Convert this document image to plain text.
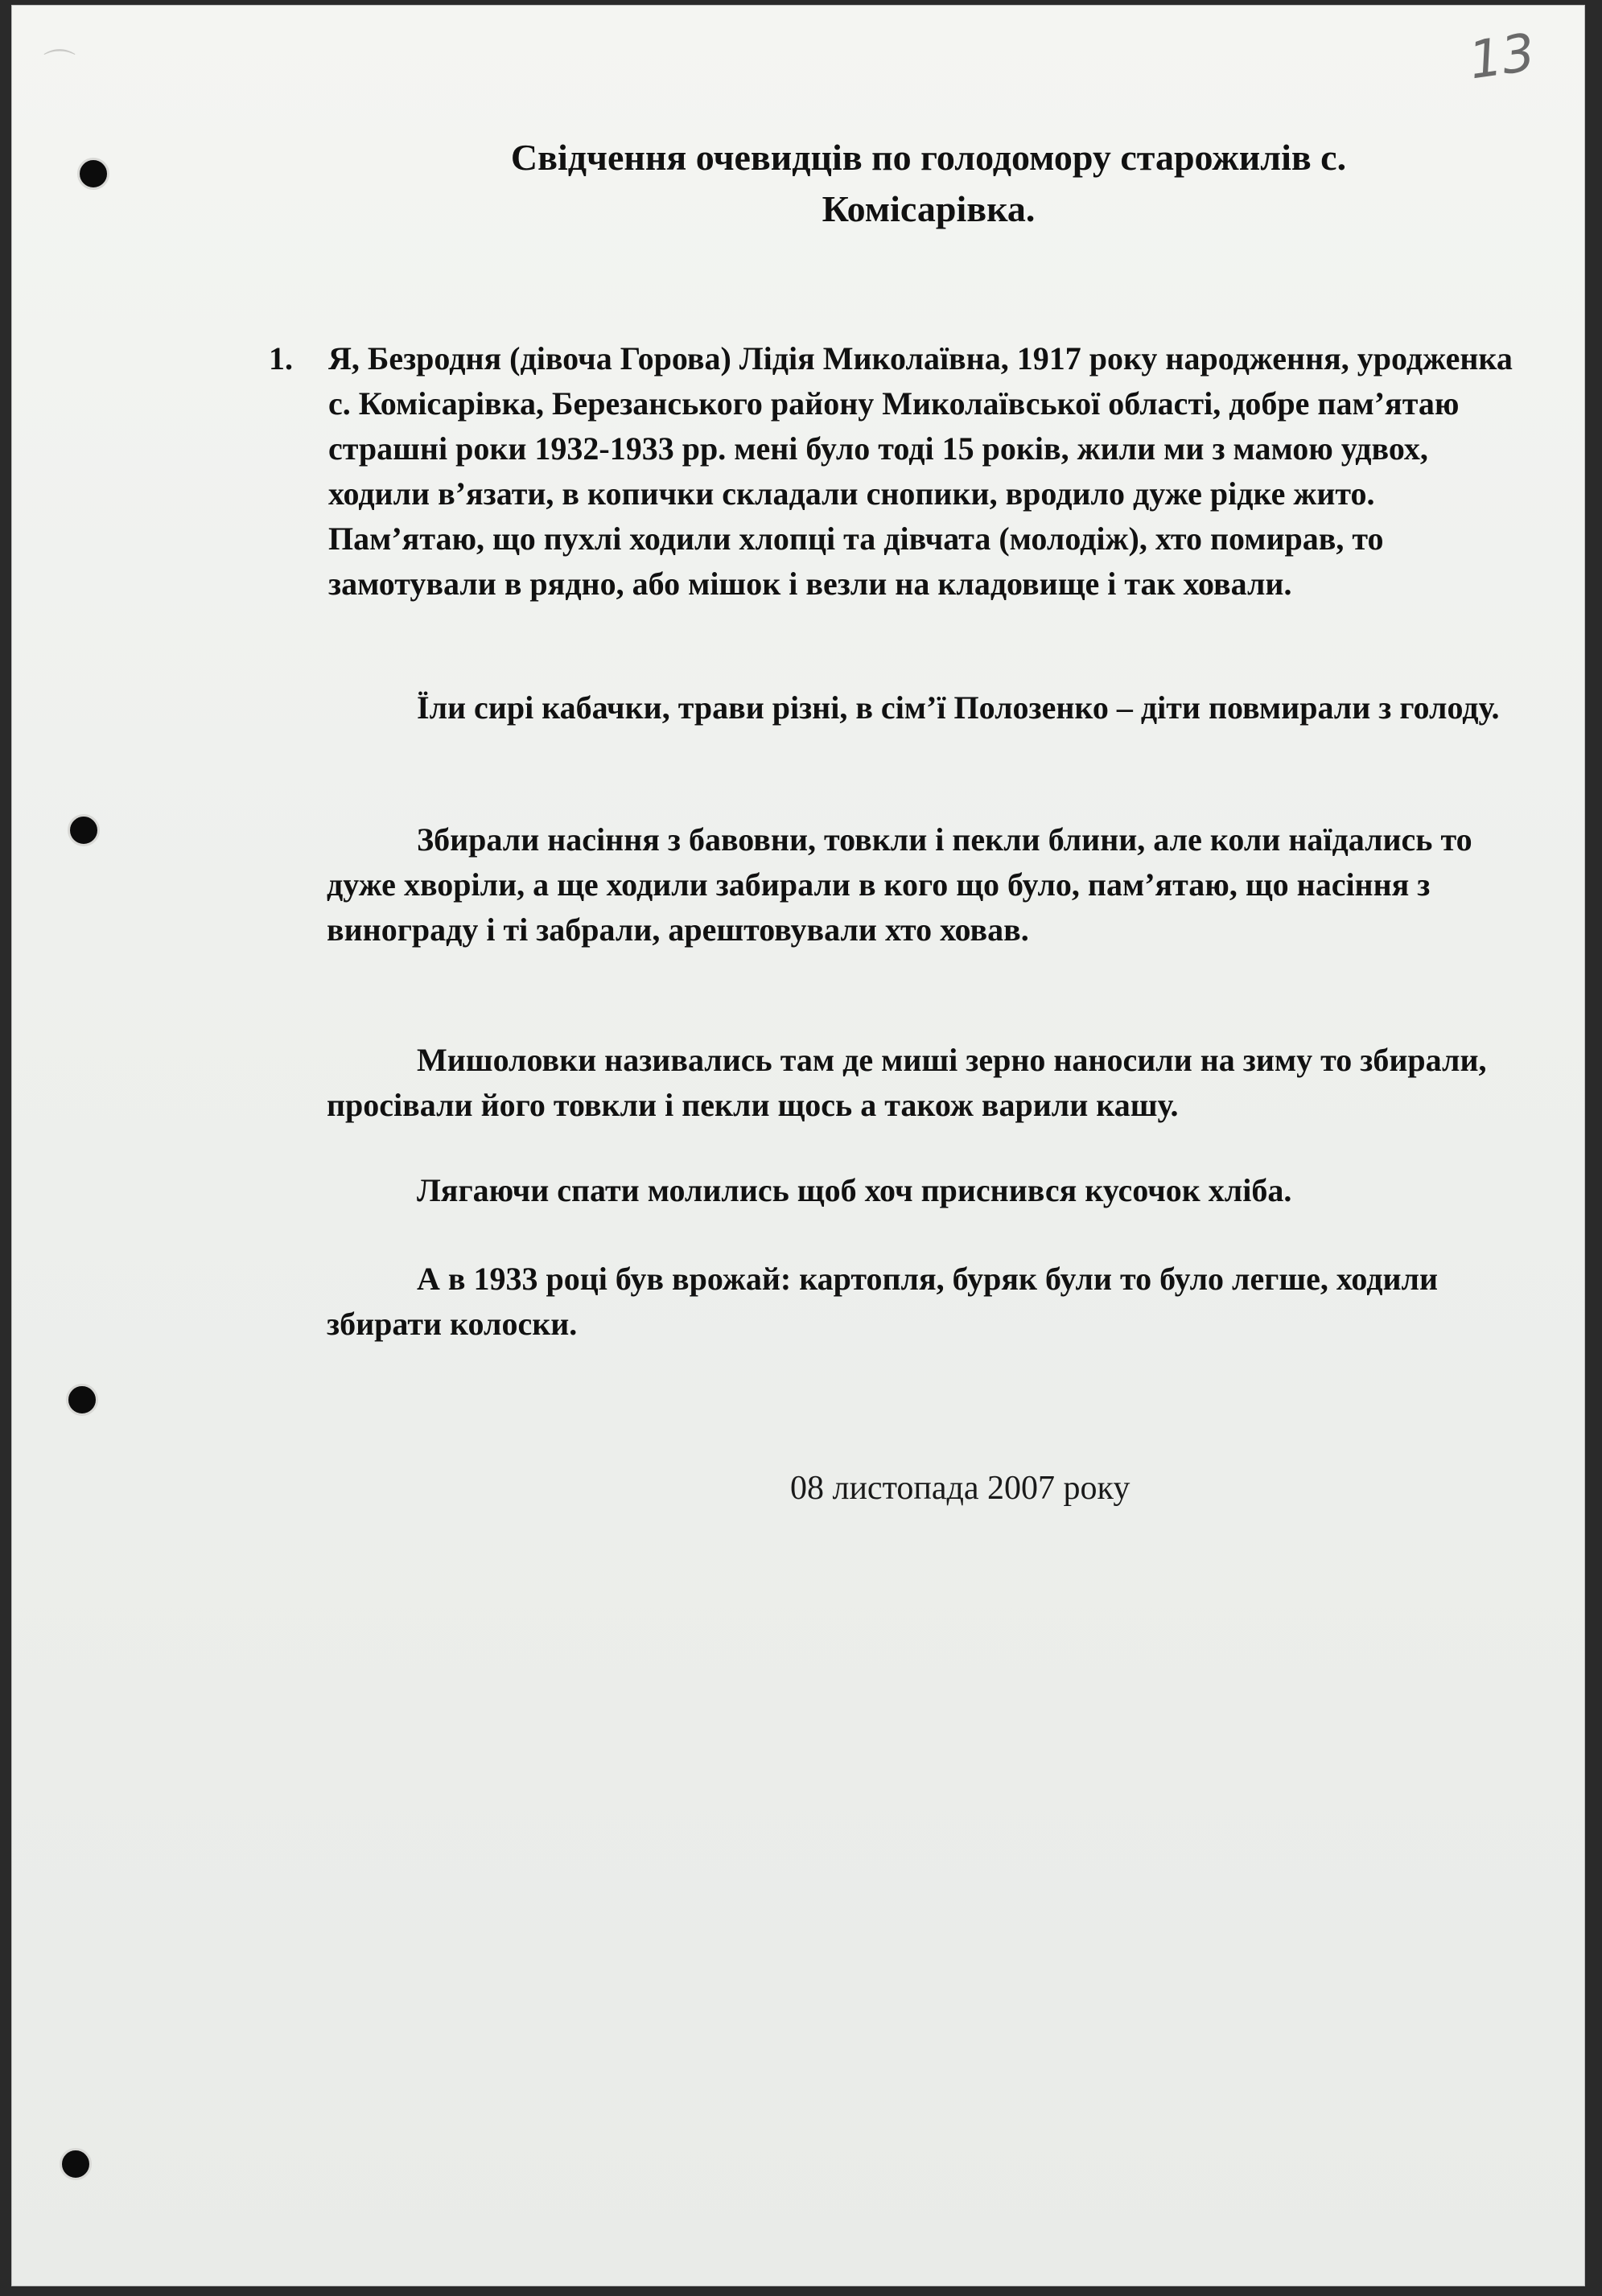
⌒	13
Свідчення очевидців по голодомору старожилів с.
Комісарівка.
1. Я, Безродня (дівоча Горова) Лідія Миколаївна, 1917 року народження, уродженка с. Комісарівка, Березанського району Миколаївської області, добре пам’ятаю страшні роки 1932-1933 рр. мені було тоді 15 років, жили ми з мамою удвох, ходили в’язати, в копички складали снопики, вродило дуже рідке жито. Пам’ятаю, що пухлі ходили хлопці та дівчата (молодіж), хто помирав, то замотували в рядно, або мішок і везли на кладовище і так ховали.
Їли сирі кабачки, трави різні, в сім’ї Полозенко – діти повмирали з голоду.
Збирали насіння з бавовни, товкли і пекли блини, але коли наїдались то дуже хворіли, а ще ходили забирали в кого що було, пам’ятаю, що насіння з винограду і ті забрали, арештовували хто ховав.
Мишоловки називались там де миші зерно наносили на зиму то збирали, просівали його товкли і пекли щось а також варили кашу.
Лягаючи спати молились щоб хоч приснився кусочок хліба.
А в 1933 році був врожай: картопля, буряк були то було легше, ходили збирати колоски.
08 листопада 2007 року
